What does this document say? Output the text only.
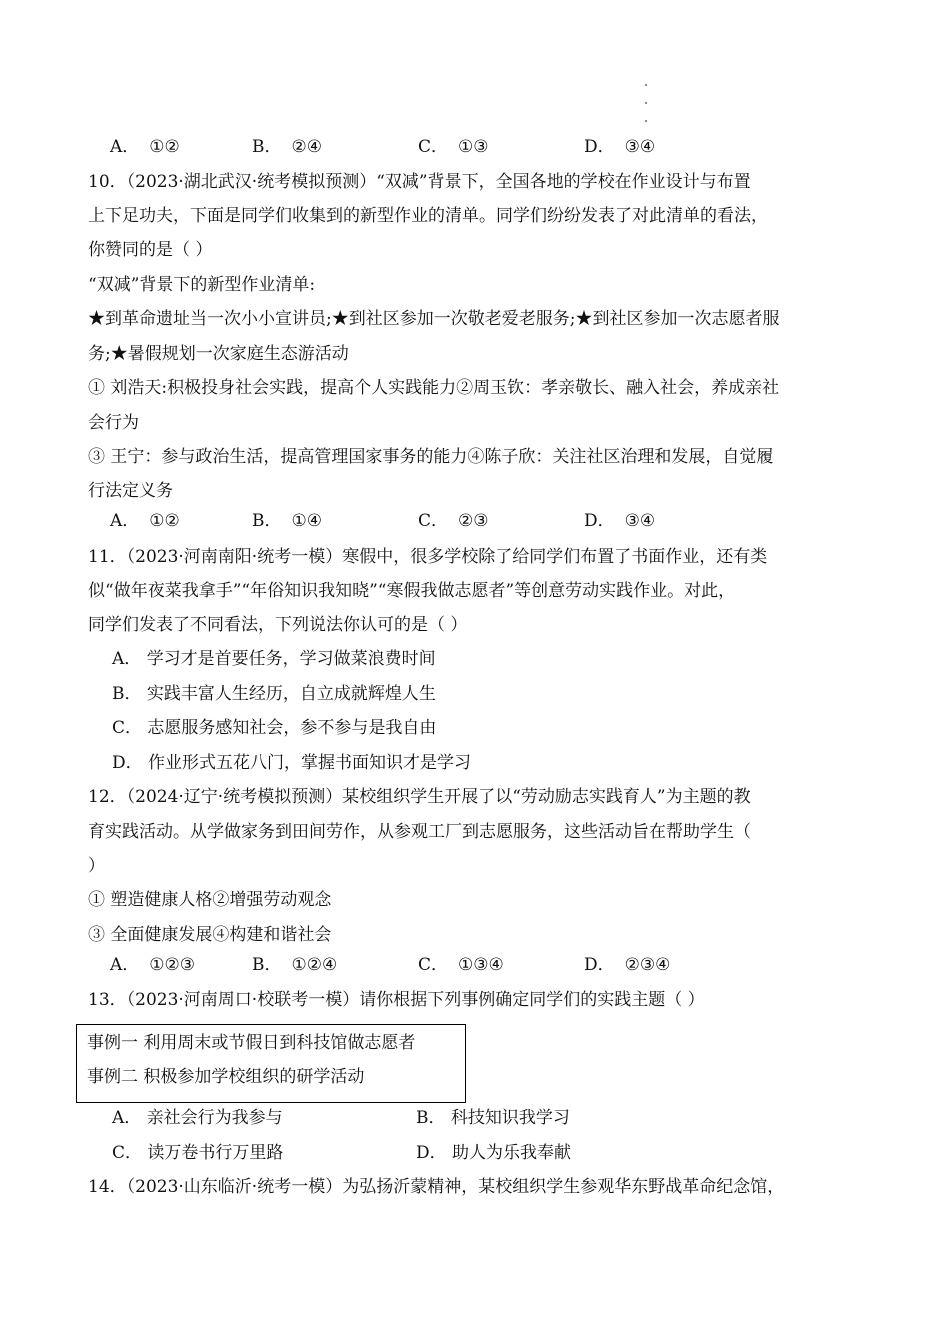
A． ①②	B． ②④	C． ①③	D． ③④
10．（2023·湖北武汉·统考模拟预测）“双减”背景下，全国各地的学校在作业设计与布置
上下足功夫，下面是同学们收集到的新型作业的清单。同学们纷纷发表了对此清单的看法，
你赞同的是（ ）
“双减”背景下的新型作业清单:
★到革命遗址当一次小小宣讲员;★到社区参加一次敬老爱老服务;★到社区参加一次志愿者服
务;★暑假规划一次家庭生态游活动
① 刘浩天:积极投身社会实践，提高个人实践能力②周玉钦：孝亲敬长、融入社会，养成亲社
会行为
③ 王宁：参与政治生活，提高管理国家事务的能力④陈子欣：关注社区治理和发展，自觉履
行法定义务
A． ①②	B． ①④	C． ②③	D． ③④
11．（2023·河南南阳·统考一模）寒假中，很多学校除了给同学们布置了书面作业，还有类
似“做年夜菜我拿手”“年俗知识我知晓”“寒假我做志愿者”等创意劳动实践作业。对此，
同学们发表了不同看法，下列说法你认可的是（ ）
A． 学习才是首要任务，学习做菜浪费时间
B． 实践丰富人生经历，自立成就辉煌人生
C． 志愿服务感知社会，参不参与是我自由
D． 作业形式五花八门，掌握书面知识才是学习
12．（2024·辽宁·统考模拟预测）某校组织学生开展了以“劳动励志实践育人”为主题的教
育实践活动。从学做家务到田间劳作，从参观工厂到志愿服务，这些活动旨在帮助学生（
）
① 塑造健康人格②增强劳动观念
③ 全面健康发展④构建和谐社会
A． ①②③	B． ①②④	C． ①③④	D． ②③④
13．（2023·河南周口·校联考一模）请你根据下列事例确定同学们的实践主题（ ）
事例一 利用周末或节假日到科技馆做志愿者
事例二 积极参加学校组织的研学活动
A． 亲社会行为我参与	B． 科技知识我学习
C． 读万卷书行万里路	D． 助人为乐我奉献
14．（2023·山东临沂·统考一模）为弘扬沂蒙精神，某校组织学生参观华东野战革命纪念馆，
